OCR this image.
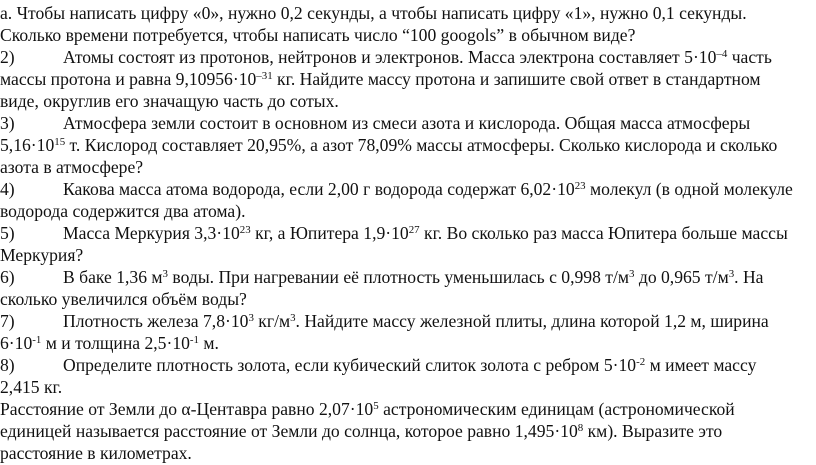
а. Чтобы написать цифру «0», нужно 0,2 секунды, а чтобы написать цифру «1», нужно 0,1 секунды.
Сколько времени потребуется, чтобы написать число “100 googols” в обычном виде?
2)	Атомы состоят из протонов, нейтронов и электронов. Масса электрона составляет $5\cdot 10^{-4}$ часть
массы протона и равна $9,10956\cdot 10^{-31}$ кг. Найдите массу протона и запишите свой ответ в стандартном
виде, округлив его значащую часть до сотых.
3)	Атмосфера земли состоит в основном из смеси азота и кислорода. Общая масса атмосферы
$5,16\cdot 10^{15}$ т. Кислород составляет 20,95%, а азот 78,09% массы атмосферы. Сколько кислорода и сколько
азота в атмосфере?
4)	Какова масса атома водорода, если 2,00 г водорода содержат $6,02\cdot 10^{23}$ молекул (в одной молекуле
водорода содержится два атома).
5)	Масса Меркурия $3,3\cdot 10^{23}$ кг, а Юпитера $1,9\cdot 10^{27}$ кг. Во сколько раз масса Юпитера больше массы
Меркурия?
6)	В баке 1,36 $м^3$ воды. При нагревании её плотность уменьшилась с 0,998 $т/м^3$ до 0,965 $т/м^3$. На
сколько увеличился объём воды?
7)	Плотность железа $7,8\cdot 10^3$ $кг/м^3$. Найдите массу железной плиты, длина которой 1,2 м, ширина
$6\cdot 10^{-1}$ м и толщина $2,5\cdot 10^{-1}$ м.
8)	Определите плотность золота, если кубический слиток золота с ребром $5\cdot 10^{-2}$ м имеет массу
2,415 кг.
Расстояние от Земли до α-Центавра равно $2,07\cdot 10^5$ астрономическим единицам (астрономической
единицей называется расстояние от Земли до солнца, которое равно $1,495\cdot 10^8$ км). Выразите это
расстояние в километрах.
